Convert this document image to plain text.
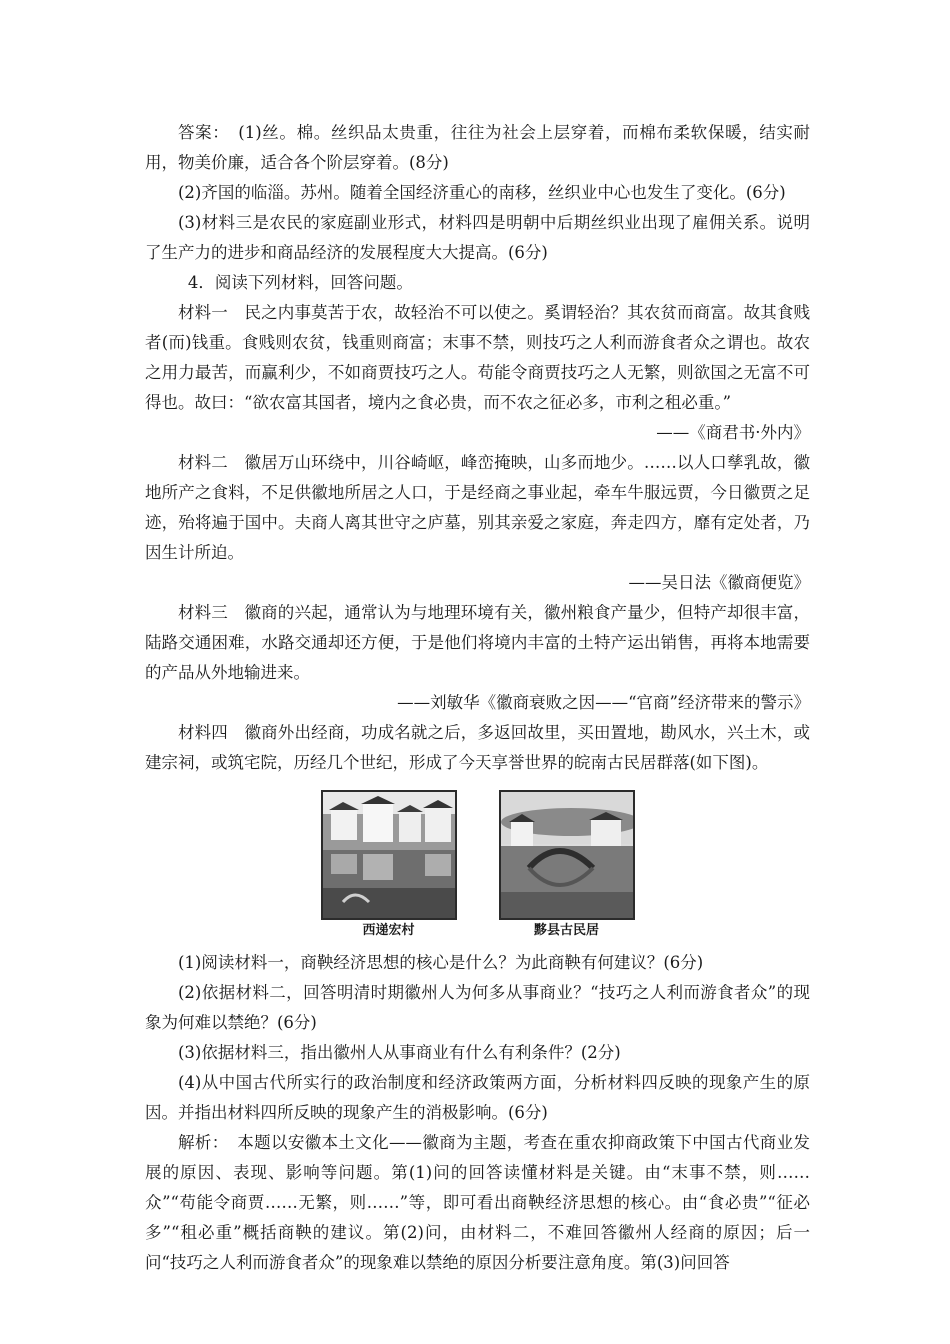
答案：　(1)丝。棉。丝织品太贵重，往往为社会上层穿着，而棉布柔软保暖，结实耐用，物美价廉，适合各个阶层穿着。(8分)

(2)齐国的临淄。苏州。随着全国经济重心的南移，丝织业中心也发生了变化。(6分)

(3)材料三是农民的家庭副业形式，材料四是明朝中后期丝织业出现了雇佣关系。说明了生产力的进步和商品经济的发展程度大大提高。(6分)

4．阅读下列材料，回答问题。

材料一　民之内事莫苦于农，故轻治不可以使之。奚谓轻治？其农贫而商富。故其食贱者(而)钱重。食贱则农贫，钱重则商富；末事不禁，则技巧之人利而游食者众之谓也。故农之用力最苦，而赢利少，不如商贾技巧之人。苟能令商贾技巧之人无繁，则欲国之无富不可得也。故曰：“欲农富其国者，境内之食必贵，而不农之征必多，市利之租必重。”

——《商君书·外内》

材料二　徽居万山环绕中，川谷崎岖，峰峦掩映，山多而地少。……以人口孳乳故，徽地所产之食料，不足供徽地所居之人口，于是经商之事业起，牵车牛服远贾，今日徽贾之足迹，殆将遍于国中。夫商人离其世守之庐墓，别其亲爱之家庭，奔走四方，靡有定处者，乃因生计所迫。

——吴日法《徽商便览》

材料三　徽商的兴起，通常认为与地理环境有关，徽州粮食产量少，但特产却很丰富，陆路交通困难，水路交通却还方便，于是他们将境内丰富的土特产运出销售，再将本地需要的产品从外地输进来。

——刘敏华《徽商衰败之因——“官商”经济带来的警示》

材料四　徽商外出经商，功成名就之后，多返回故里，买田置地，勘风水，兴土木，或建宗祠，或筑宅院，历经几个世纪，形成了今天享誉世界的皖南古民居群落(如下图)。

西递宏村	黟县古民居

(1)阅读材料一，商鞅经济思想的核心是什么？为此商鞅有何建议？(6分)

(2)依据材料二，回答明清时期徽州人为何多从事商业？“技巧之人利而游食者众”的现象为何难以禁绝？(6分)

(3)依据材料三，指出徽州人从事商业有什么有利条件？(2分)

(4)从中国古代所实行的政治制度和经济政策两方面，分析材料四反映的现象产生的原因。并指出材料四所反映的现象产生的消极影响。(6分)

解析：　本题以安徽本土文化——徽商为主题，考查在重农抑商政策下中国古代商业发展的原因、表现、影响等问题。第(1)问的回答读懂材料是关键。由“末事不禁，则……众”“苟能令商贾……无繁，则……”等，即可看出商鞅经济思想的核心。由“食必贵”“征必多”“租必重”概括商鞅的建议。第(2)问，由材料二，不难回答徽州人经商的原因；后一问“技巧之人利而游食者众”的现象难以禁绝的原因分析要注意角度。第(3)问回答
